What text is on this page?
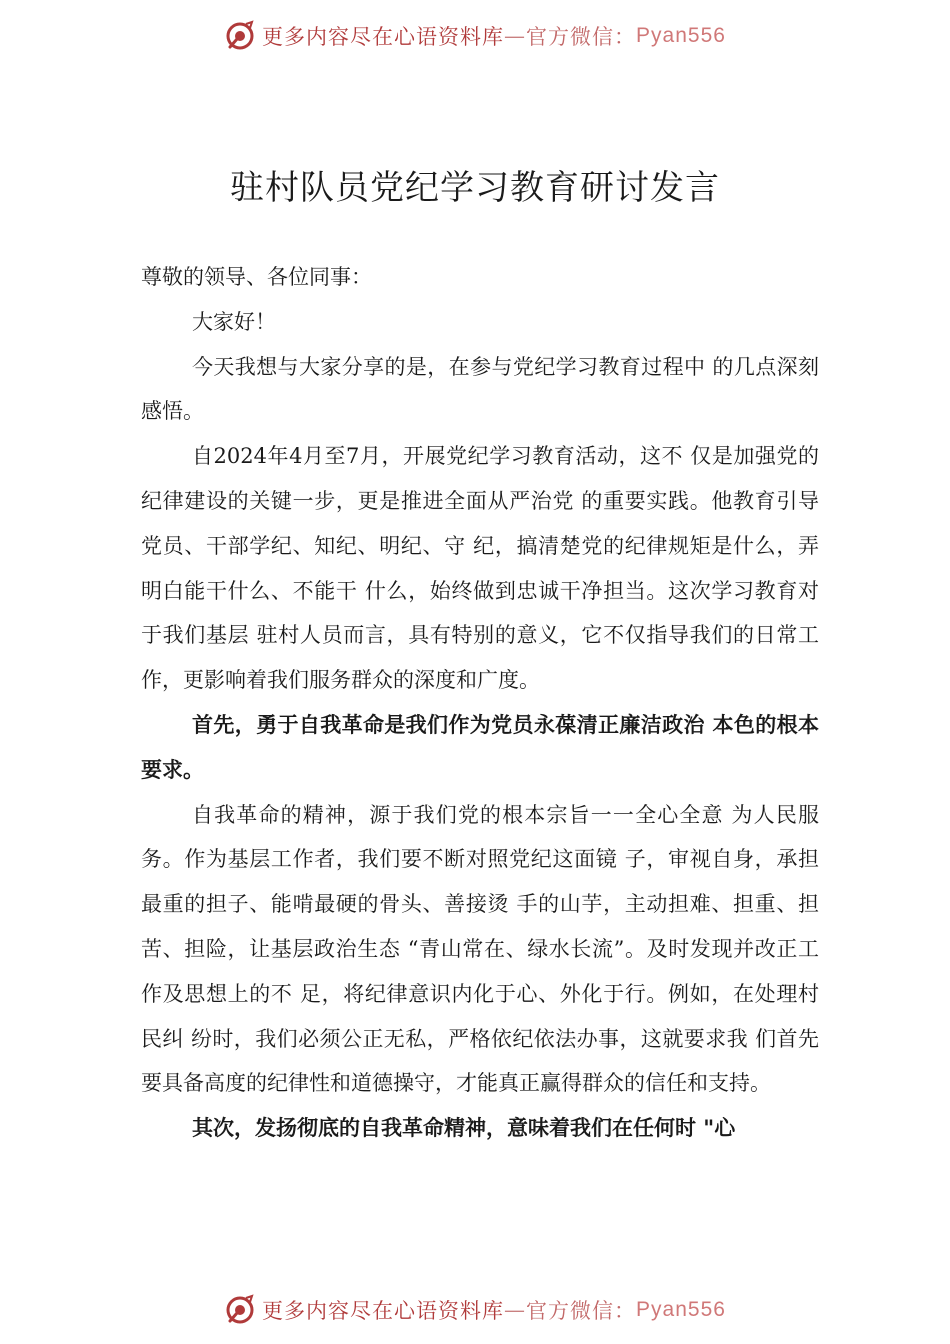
更多内容尽在心语资料库 — 官方微信： Pyan556
驻村队员党纪学习教育研讨发言

尊敬的领导、各位同事：

大家好！

今天我想与大家分享的是，在参与党纪学习教育过程中 的几点深刻感悟。

自2024年4月至7月，开展党纪学习教育活动，这不 仅是加强党的纪律建设的关键一步，更是推进全面从严治党 的重要实践。他教育引导党员、干部学纪、知纪、明纪、守 纪，搞清楚党的纪律规矩是什么，弄明白能干什么、不能干 什么，始终做到忠诚干净担当。这次学习教育对于我们基层 驻村人员而言，具有特别的意义，它不仅指导我们的日常工 作，更影响着我们服务群众的深度和广度。

首先，勇于自我革命是我们作为党员永葆清正廉洁政治 本色的根本要求。

自我革命的精神，源于我们党的根本宗旨一一全心全意 为人民服务。作为基层工作者，我们要不断对照党纪这面镜 子，审视自身，承担最重的担子、能啃最硬的骨头、善接烫 手的山芋，主动担难、担重、担苦、担险，让基层政治生态 “青山常在、绿水长流”。及时发现并改正工作及思想上的不 足，将纪律意识内化于心、外化于行。例如，在处理村民纠 纷时，我们必须公正无私，严格依纪依法办事，这就要求我 们首先要具备高度的纪律性和道德操守，才能真正赢得群众的信任和支持。

其次，发扬彻底的自我革命精神，意味着我们在任何时 "心

更多内容尽在心语资料库 — 官方微信： Pyan556
